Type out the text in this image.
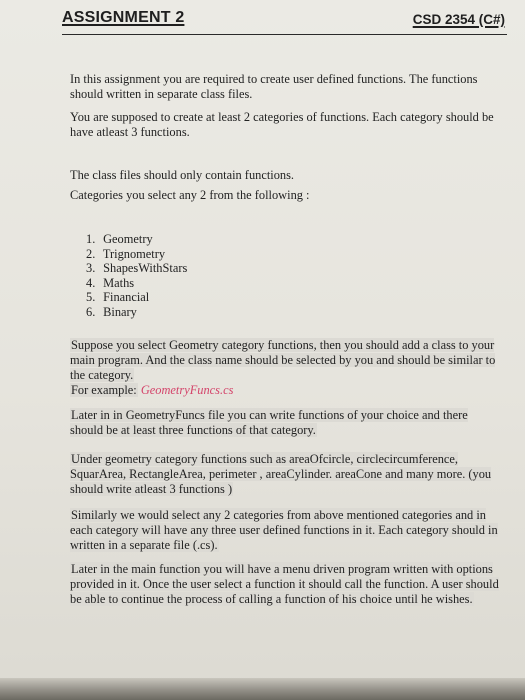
ASSIGNMENT 2	CSD 2354 (C#)
In this assignment you are required to create user defined functions. The functions should written in separate class files.
You are supposed to create at least 2 categories of functions. Each category should be have atleast 3 functions.
The class files should only contain functions.
Categories you select any 2 from the following :
1. Geometry
2. Trignometry
3. ShapesWithStars
4. Maths
5. Financial
6. Binary
Suppose you select Geometry category functions, then you should add a class to your main program. And the class name should be selected by you and should be similar to the category.
For example: GeometryFuncs.cs
Later in in GeometryFuncs file you can write functions of your choice and there should be at least three functions of that category.
Under geometry category functions such as areaOfcircle, circlecircumference, SquarArea, RectangleArea, perimeter , areaCylinder. areaCone and many more. (you should write atleast 3 functions )
Similarly we would select any 2 categories from above mentioned categories and in each category will have any three user defined functions in it. Each category should in written in a separate file (.cs).
Later in the main function you will have a menu driven program written with options provided in it. Once the user select a function it should call the function. A user should be able to continue the process of calling a function of his choice until he wishes.
